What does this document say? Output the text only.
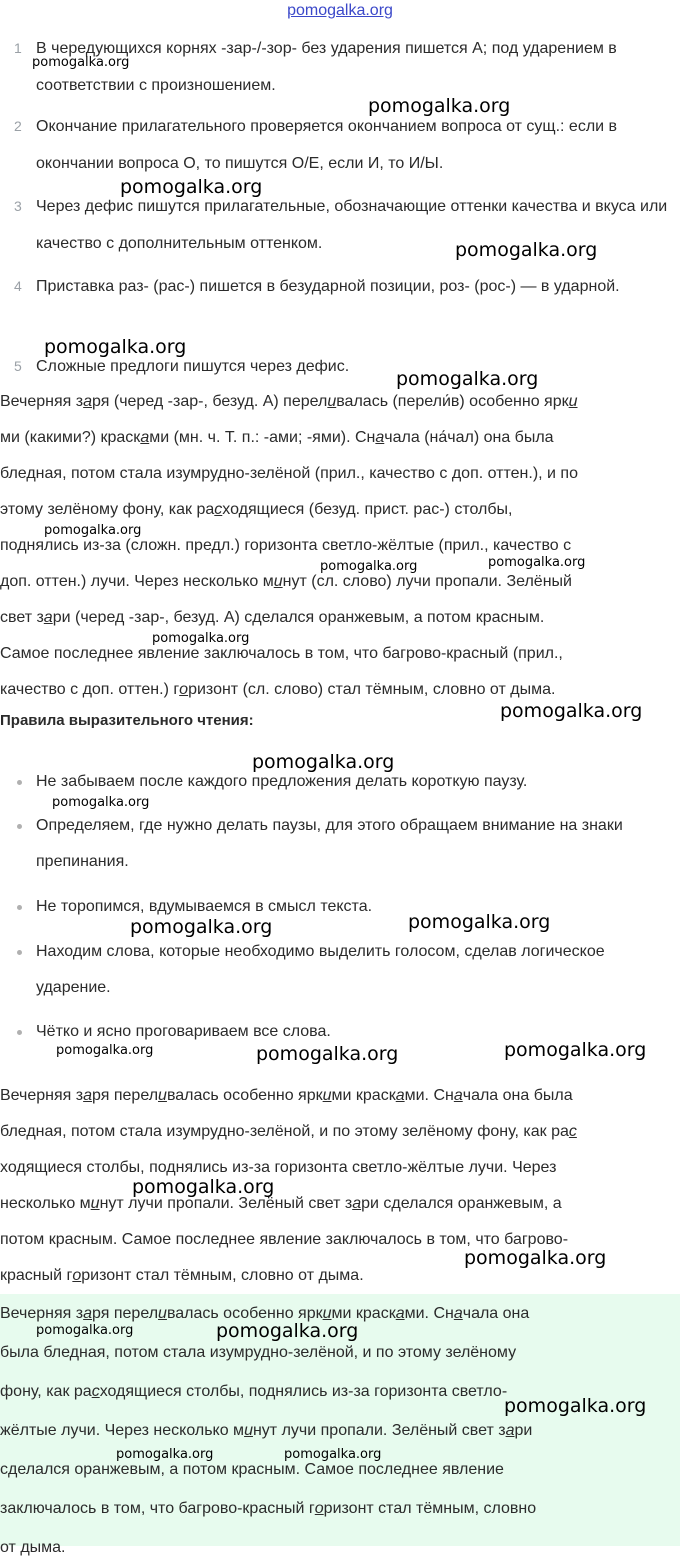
pomogalka.org
1 В чередующихся корнях -зар-/-зор- без ударения пишется А; под ударением в соответствии с произношением.
2 Окончание прилагательного проверяется окончанием вопроса от сущ.: если в окончании вопроса О, то пишутся О/Е, если И, то И/Ы.
3 Через дефис пишутся прилагательные, обозначающие оттенки качества и вкуса или качество с дополнительным оттенком.
4 Приставка раз- (рас-) пишется в безударной позиции, роз- (рос-) — в ударной.
5 Сложные предлоги пишутся через дефис.
Вечерняя заря (черед -зар-, безуд. А) переливалась (перели́в) особенно ярки
ми (какими?) красками (мн. ч. Т. п.: -ами; -ями). Сначала (на́чал) она была
бледная, потом стала изумрудно-зелёной (прил., качество с доп. оттен.), и по
этому зелёному фону, как расходящиеся (безуд. прист. рас-) столбы,
поднялись из-за (сложн. предл.) горизонта светло-жёлтые (прил., качество с
доп. оттен.) лучи. Через несколько минут (сл. слово) лучи пропали. Зелёный
свет зари (черед -зар-, безуд. А) сделался оранжевым, а потом красным.
Самое последнее явление заключалось в том, что багрово-красный (прил.,
качество с доп. оттен.) горизонт (сл. слово) стал тёмным, словно от дыма.
Правила выразительного чтения:
Не забываем после каждого предложения делать короткую паузу.
Определяем, где нужно делать паузы, для этого обращаем внимание на знаки препинания.
Не торопимся, вдумываемся в смысл текста.
Находим слова, которые необходимо выделить голосом, сделав логическое ударение.
Чётко и ясно проговариваем все слова.
Вечерняя заря переливалась особенно яркими красками. Сначала она была
бледная, потом стала изумрудно-зелёной, и по этому зелёному фону, как рас
ходящиеся столбы, поднялись из-за горизонта светло-жёлтые лучи. Через
несколько минут лучи пропали. Зелёный свет зари сделался оранжевым, а
потом красным. Самое последнее явление заключалось в том, что багрово-
красный горизонт стал тёмным, словно от дыма.
Вечерняя заря переливалась особенно яркими красками. Сначала она
была бледная, потом стала изумрудно-зелёной, и по этому зелёному
фону, как расходящиеся столбы, поднялись из-за горизонта светло-
жёлтые лучи. Через несколько минут лучи пропали. Зелёный свет зари
сделался оранжевым, а потом красным. Самое последнее явление
заключалось в том, что багрово-красный горизонт стал тёмным, словно
от дыма.
pomogalka.org
pomogalka.org
pomogalka.org
pomogalka.org
pomogalka.org
pomogalka.org
pomogalka.org
pomogalka.org	pomogalka.org
pomogalka.org
pomogalka.org
pomogalka.org
pomogalka.org
pomogalka.org	pomogalka.org
pomogalka.org	pomogalka.org	pomogalka.org
pomogalka.org
pomogalka.org
pomogalka.org	pomogalka.org
pomogalka.org
pomogalka.org	pomogalka.org
